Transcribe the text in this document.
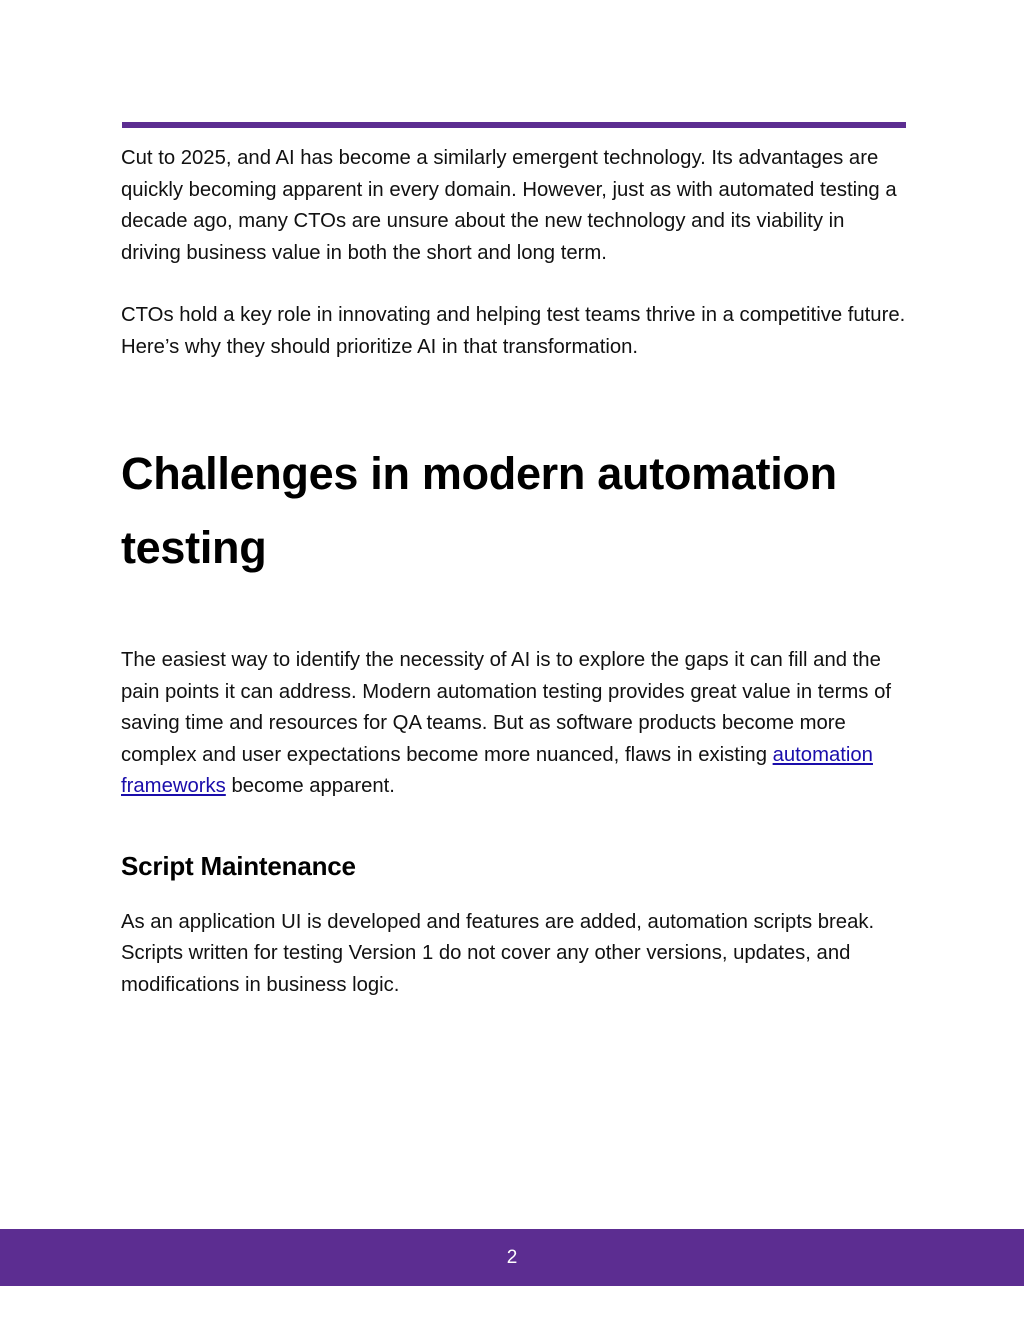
Cut to 2025, and AI has become a similarly emergent technology. Its advantages are quickly becoming apparent in every domain. However, just as with automated testing a decade ago, many CTOs are unsure about the new technology and its viability in driving business value in both the short and long term.

CTOs hold a key role in innovating and helping test teams thrive in a competitive future. Here’s why they should prioritize AI in that transformation.

Challenges in modern automation testing

The easiest way to identify the necessity of AI is to explore the gaps it can fill and the pain points it can address. Modern automation testing provides great value in terms of saving time and resources for QA teams. But as software products become more complex and user expectations become more nuanced, flaws in existing automation frameworks become apparent.

Script Maintenance

As an application UI is developed and features are added, automation scripts break. Scripts written for testing Version 1 do not cover any other versions, updates, and modifications in business logic.

2
